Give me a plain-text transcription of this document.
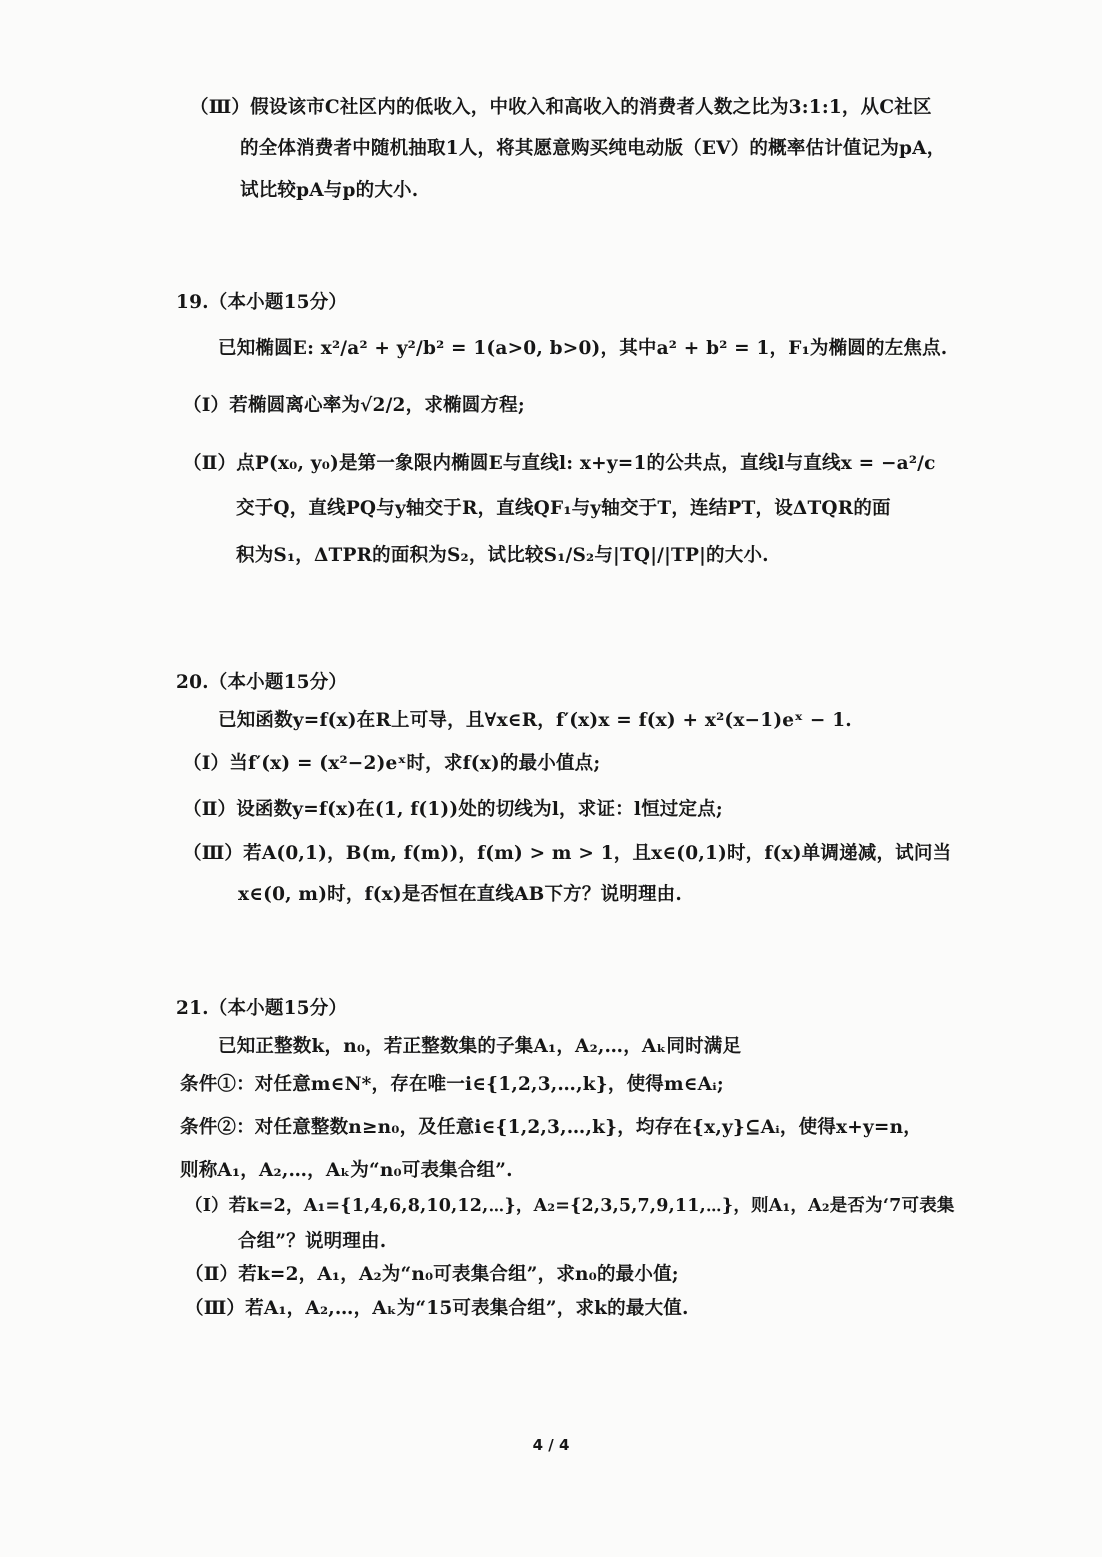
（Ⅲ）假设该市C社区内的低收入，中收入和高收入的消费者人数之比为3:1:1，从C社区
的全体消费者中随机抽取1人，将其愿意购买纯电动版（EV）的概率估计值记为pA，
试比较pA与p的大小.
19.（本小题15分）
已知椭圆E: x²/a² + y²/b² = 1(a>0, b>0)，其中a² + b² = 1，F₁为椭圆的左焦点.
（Ⅰ）若椭圆离心率为√2/2，求椭圆方程;
（Ⅱ）点P(x₀, y₀)是第一象限内椭圆E与直线l: x+y=1的公共点，直线l与直线x = −a²/c
交于Q，直线PQ与y轴交于R，直线QF₁与y轴交于T，连结PT，设ΔTQR的面
积为S₁，ΔTPR的面积为S₂，试比较S₁/S₂与|TQ|/|TP|的大小.
20.（本小题15分）
已知函数y=f(x)在R上可导，且∀x∈R，f′(x)x = f(x) + x²(x−1)eˣ − 1.
（Ⅰ）当f′(x) = (x²−2)eˣ时，求f(x)的最小值点;
（Ⅱ）设函数y=f(x)在(1, f(1))处的切线为l，求证：l恒过定点;
（Ⅲ）若A(0,1)，B(m, f(m))，f(m) > m > 1，且x∈(0,1)时，f(x)单调递减，试问当
x∈(0, m)时，f(x)是否恒在直线AB下方？说明理由.
21.（本小题15分）
已知正整数k，n₀，若正整数集的子集A₁，A₂,…，Aₖ同时满足
条件①：对任意m∈N*，存在唯一i∈{1,2,3,…,k}，使得m∈Aᵢ;
条件②：对任意整数n≥n₀，及任意i∈{1,2,3,…,k}，均存在{x,y}⊆Aᵢ，使得x+y=n，
则称A₁，A₂,…，Aₖ为“n₀可表集合组”.
（Ⅰ）若k=2，A₁={1,4,6,8,10,12,⋯}，A₂={2,3,5,7,9,11,⋯}，则A₁，A₂是否为‘7可表集
合组”？说明理由.
（Ⅱ）若k=2，A₁，A₂为“n₀可表集合组”，求n₀的最小值;
（Ⅲ）若A₁，A₂,…，Aₖ为“15可表集合组”，求k的最大值.
4 / 4
